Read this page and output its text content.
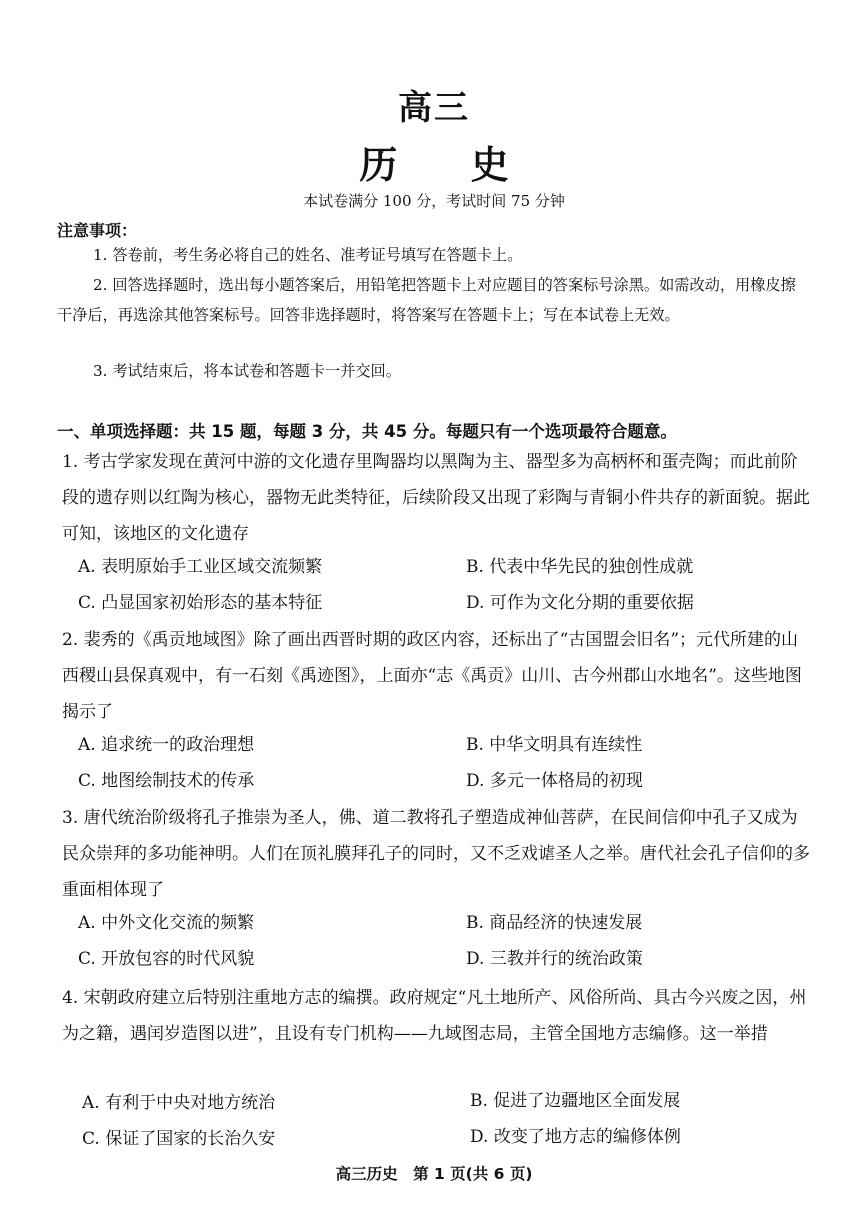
高三
历 史
本试卷满分 100 分，考试时间 75 分钟
注意事项：

1. 答卷前，考生务必将自己的姓名、准考证号填写在答题卡上。

2. 回答选择题时，选出每小题答案后，用铅笔把答题卡上对应题目的答案标号涂黑。如需改动，用橡皮擦干净后，再选涂其他答案标号。回答非选择题时，将答案写在答题卡上；写在本试卷上无效。

3. 考试结束后，将本试卷和答题卡一并交回。

一、单项选择题：共 15 题，每题 3 分，共 45 分。每题只有一个选项最符合题意。

1. 考古学家发现在黄河中游的文化遗存里陶器均以黑陶为主、器型多为高柄杯和蛋壳陶；而此前阶段的遗存则以红陶为核心，器物无此类特征，后续阶段又出现了彩陶与青铜小件共存的新面貌。据此可知，该地区的文化遗存

A. 表明原始手工业区域交流频繁	B. 代表中华先民的独创性成就
C. 凸显国家初始形态的基本特征	D. 可作为文化分期的重要依据

2. 裴秀的《禹贡地域图》除了画出西晋时期的政区内容，还标出了“古国盟会旧名”；元代所建的山西稷山县保真观中，有一石刻《禹迹图》，上面亦“志《禹贡》山川、古今州郡山水地名”。这些地图揭示了

A. 追求统一的政治理想	B. 中华文明具有连续性
C. 地图绘制技术的传承	D. 多元一体格局的初现

3. 唐代统治阶级将孔子推崇为圣人，佛、道二教将孔子塑造成神仙菩萨，在民间信仰中孔子又成为民众崇拜的多功能神明。人们在顶礼膜拜孔子的同时，又不乏戏谑圣人之举。唐代社会孔子信仰的多重面相体现了

A. 中外文化交流的频繁	B. 商品经济的快速发展
C. 开放包容的时代风貌	D. 三教并行的统治政策

4. 宋朝政府建立后特别注重地方志的编撰。政府规定“凡土地所产、风俗所尚、具古今兴废之因，州为之籍，遇闰岁造图以进”，且设有专门机构——九域图志局，主管全国地方志编修。这一举措

A. 有利于中央对地方统治	B. 促进了边疆地区全面发展
C. 保证了国家的长治久安	D. 改变了地方志的编修体例
高三历史　第 1 页(共 6 页)
